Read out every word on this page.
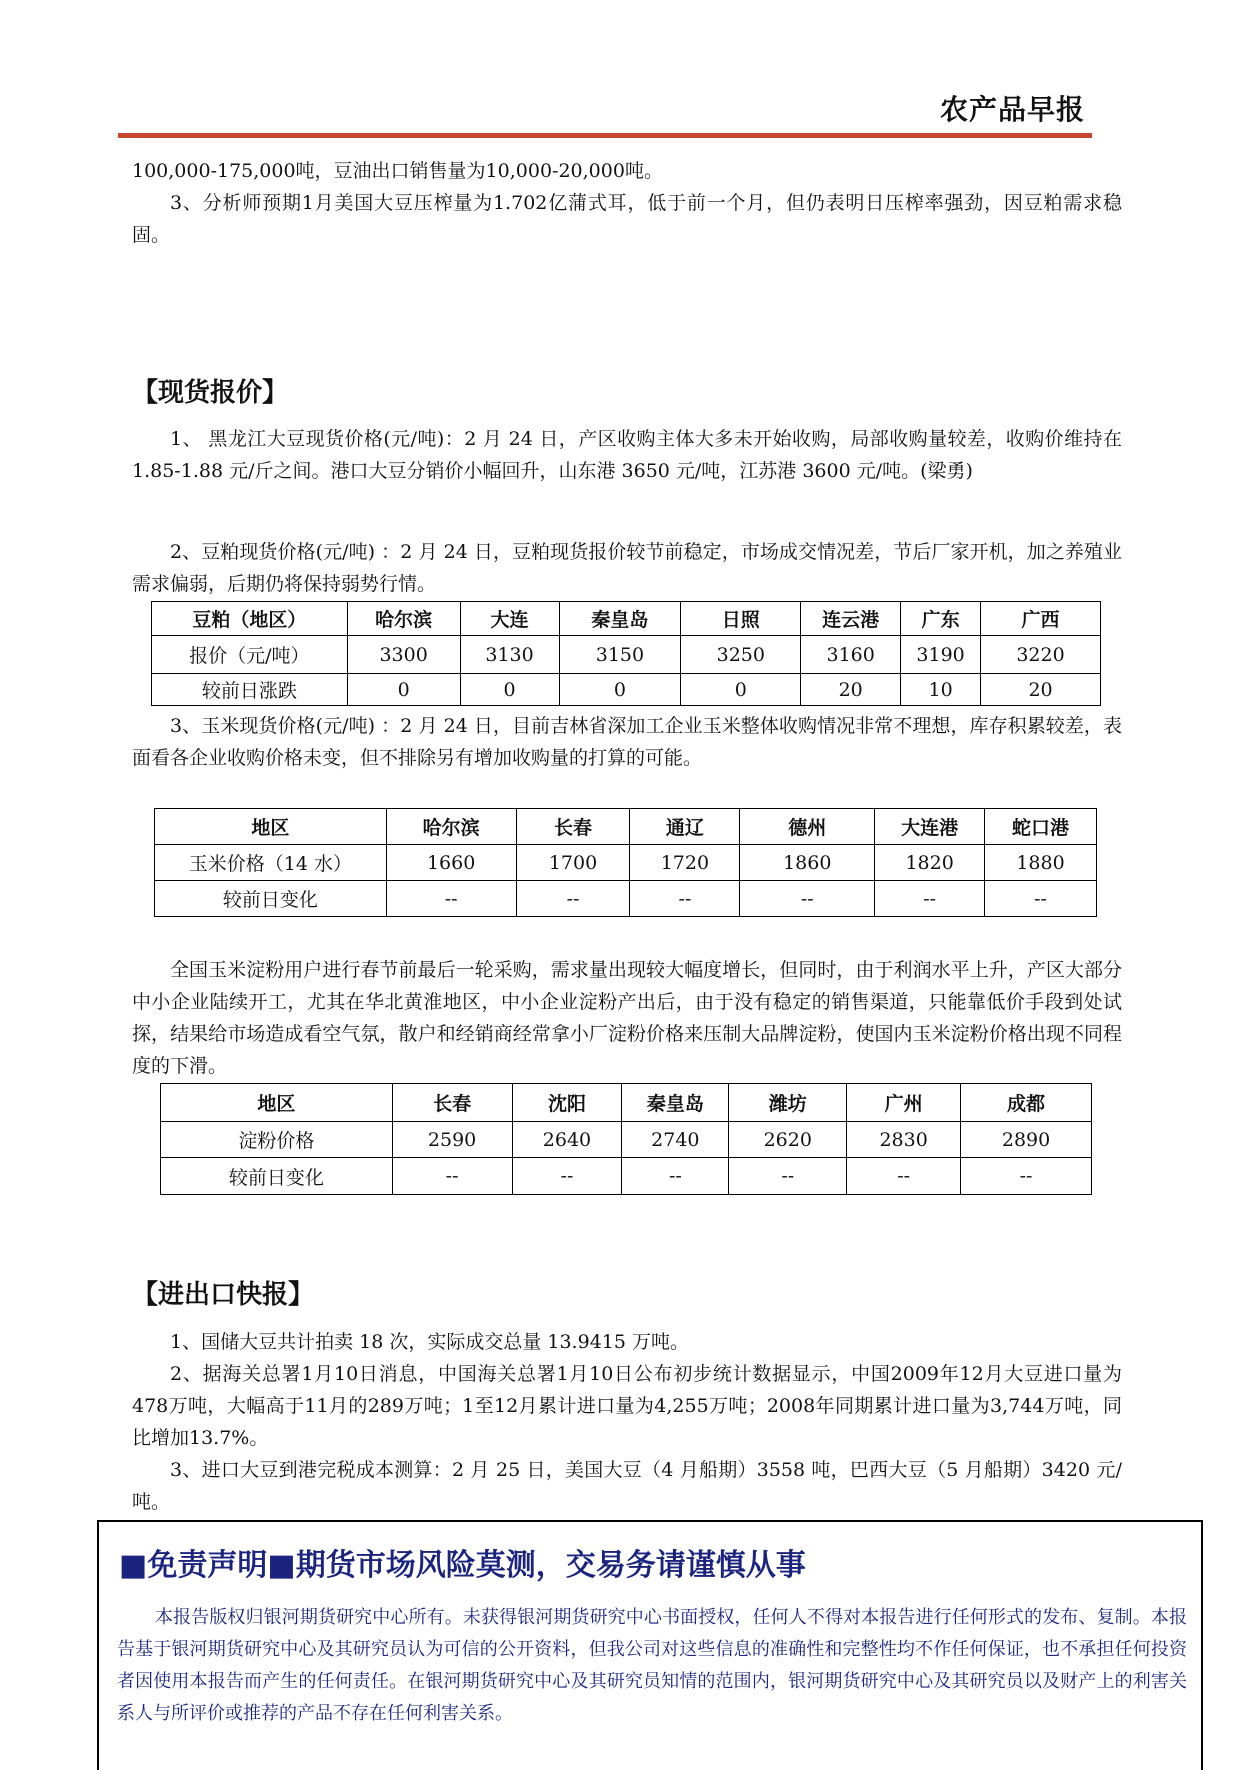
农产品早报

100,000-175,000吨，豆油出口销售量为10,000-20,000吨。

3、分析师预期1月美国大豆压榨量为1.702亿蒲式耳，低于前一个月，但仍表明日压榨率强劲，因豆粕需求稳固。

【现货报价】

1、 黑龙江大豆现货价格(元/吨)：2 月 24 日，产区收购主体大多未开始收购，局部收购量较差，收购价维持在 1.85-1.88 元/斤之间。港口大豆分销价小幅回升，山东港 3650 元/吨，江苏港 3600 元/吨。(梁勇)

2、豆粕现货价格(元/吨) ：2 月 24 日，豆粕现货报价较节前稳定，市场成交情况差，节后厂家开机，加之养殖业需求偏弱，后期仍将保持弱势行情。

豆粕（地区）	哈尔滨	大连	秦皇岛	日照	连云港	广东	广西
报价（元/吨）	3300	3130	3150	3250	3160	3190	3220
较前日涨跌	0	0	0	0	20	10	20

3、玉米现货价格(元/吨) ：2 月 24 日，目前吉林省深加工企业玉米整体收购情况非常不理想，库存积累较差，表面看各企业收购价格未变，但不排除另有增加收购量的打算的可能。

地区	哈尔滨	长春	通辽	德州	大连港	蛇口港
玉米价格（14 水）	1660	1700	1720	1860	1820	1880
较前日变化	--	--	--	--	--	--

全国玉米淀粉用户进行春节前最后一轮采购，需求量出现较大幅度增长，但同时，由于利润水平上升，产区大部分中小企业陆续开工，尤其在华北黄淮地区，中小企业淀粉产出后，由于没有稳定的销售渠道，只能靠低价手段到处试探，结果给市场造成看空气氛，散户和经销商经常拿小厂淀粉价格来压制大品牌淀粉，使国内玉米淀粉价格出现不同程度的下滑。

地区	长春	沈阳	秦皇岛	潍坊	广州	成都
淀粉价格	2590	2640	2740	2620	2830	2890
较前日变化	--	--	--	--	--	--
【进出口快报】

1、国储大豆共计拍卖 18 次，实际成交总量 13.9415 万吨。

2、据海关总署1月10日消息，中国海关总署1月10日公布初步统计数据显示，中国2009年12月大豆进口量为478万吨，大幅高于11月的289万吨；1至12月累计进口量为4,255万吨；2008年同期累计进口量为3,744万吨，同比增加13.7%。

3、进口大豆到港完税成本测算：2 月 25 日，美国大豆（4 月船期）3558 吨，巴西大豆（5 月船期）3420 元/吨。

■免责声明■期货市场风险莫测，交易务请谨慎从事

本报告版权归银河期货研究中心所有。未获得银河期货研究中心书面授权，任何人不得对本报告进行任何形式的发布、复制。本报告基于银河期货研究中心及其研究员认为可信的公开资料，但我公司对这些信息的准确性和完整性均不作任何保证，也不承担任何投资者因使用本报告而产生的任何责任。在银河期货研究中心及其研究员知情的范围内，银河期货研究中心及其研究员以及财产上的利害关系人与所评价或推荐的产品不存在任何利害关系。
